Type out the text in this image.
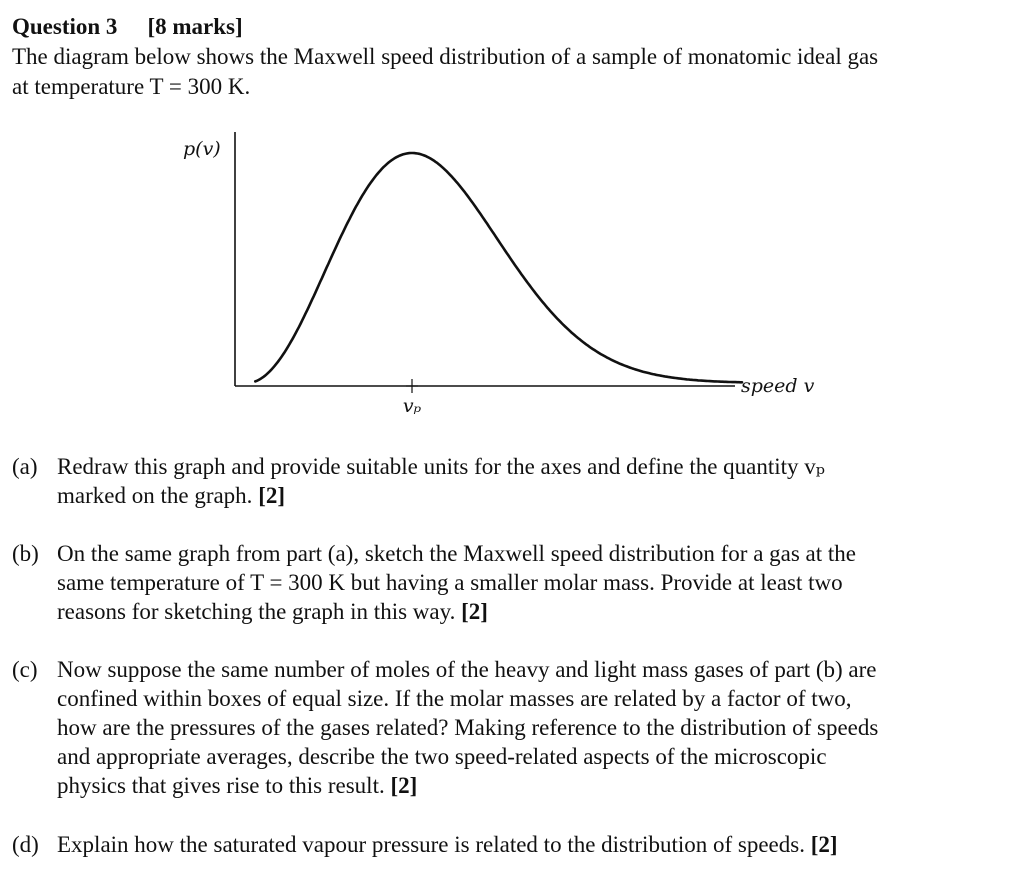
Question 3 [8 marks]

The diagram below shows the Maxwell speed distribution of a sample of monatomic ideal gas

at temperature T = 300 K.

p(v)
vₚ
speed v
(a) Redraw this graph and provide suitable units for the axes and define the quantity vₚ
marked on the graph. [2]
(b) On the same graph from part (a), sketch the Maxwell speed distribution for a gas at the
same temperature of T = 300 K but having a smaller molar mass. Provide at least two
reasons for sketching the graph in this way. [2]
(c) Now suppose the same number of moles of the heavy and light mass gases of part (b) are
confined within boxes of equal size. If the molar masses are related by a factor of two,
how are the pressures of the gases related? Making reference to the distribution of speeds
and appropriate averages, describe the two speed-related aspects of the microscopic
physics that gives rise to this result. [2]
(d) Explain how the saturated vapour pressure is related to the distribution of speeds. [2]
